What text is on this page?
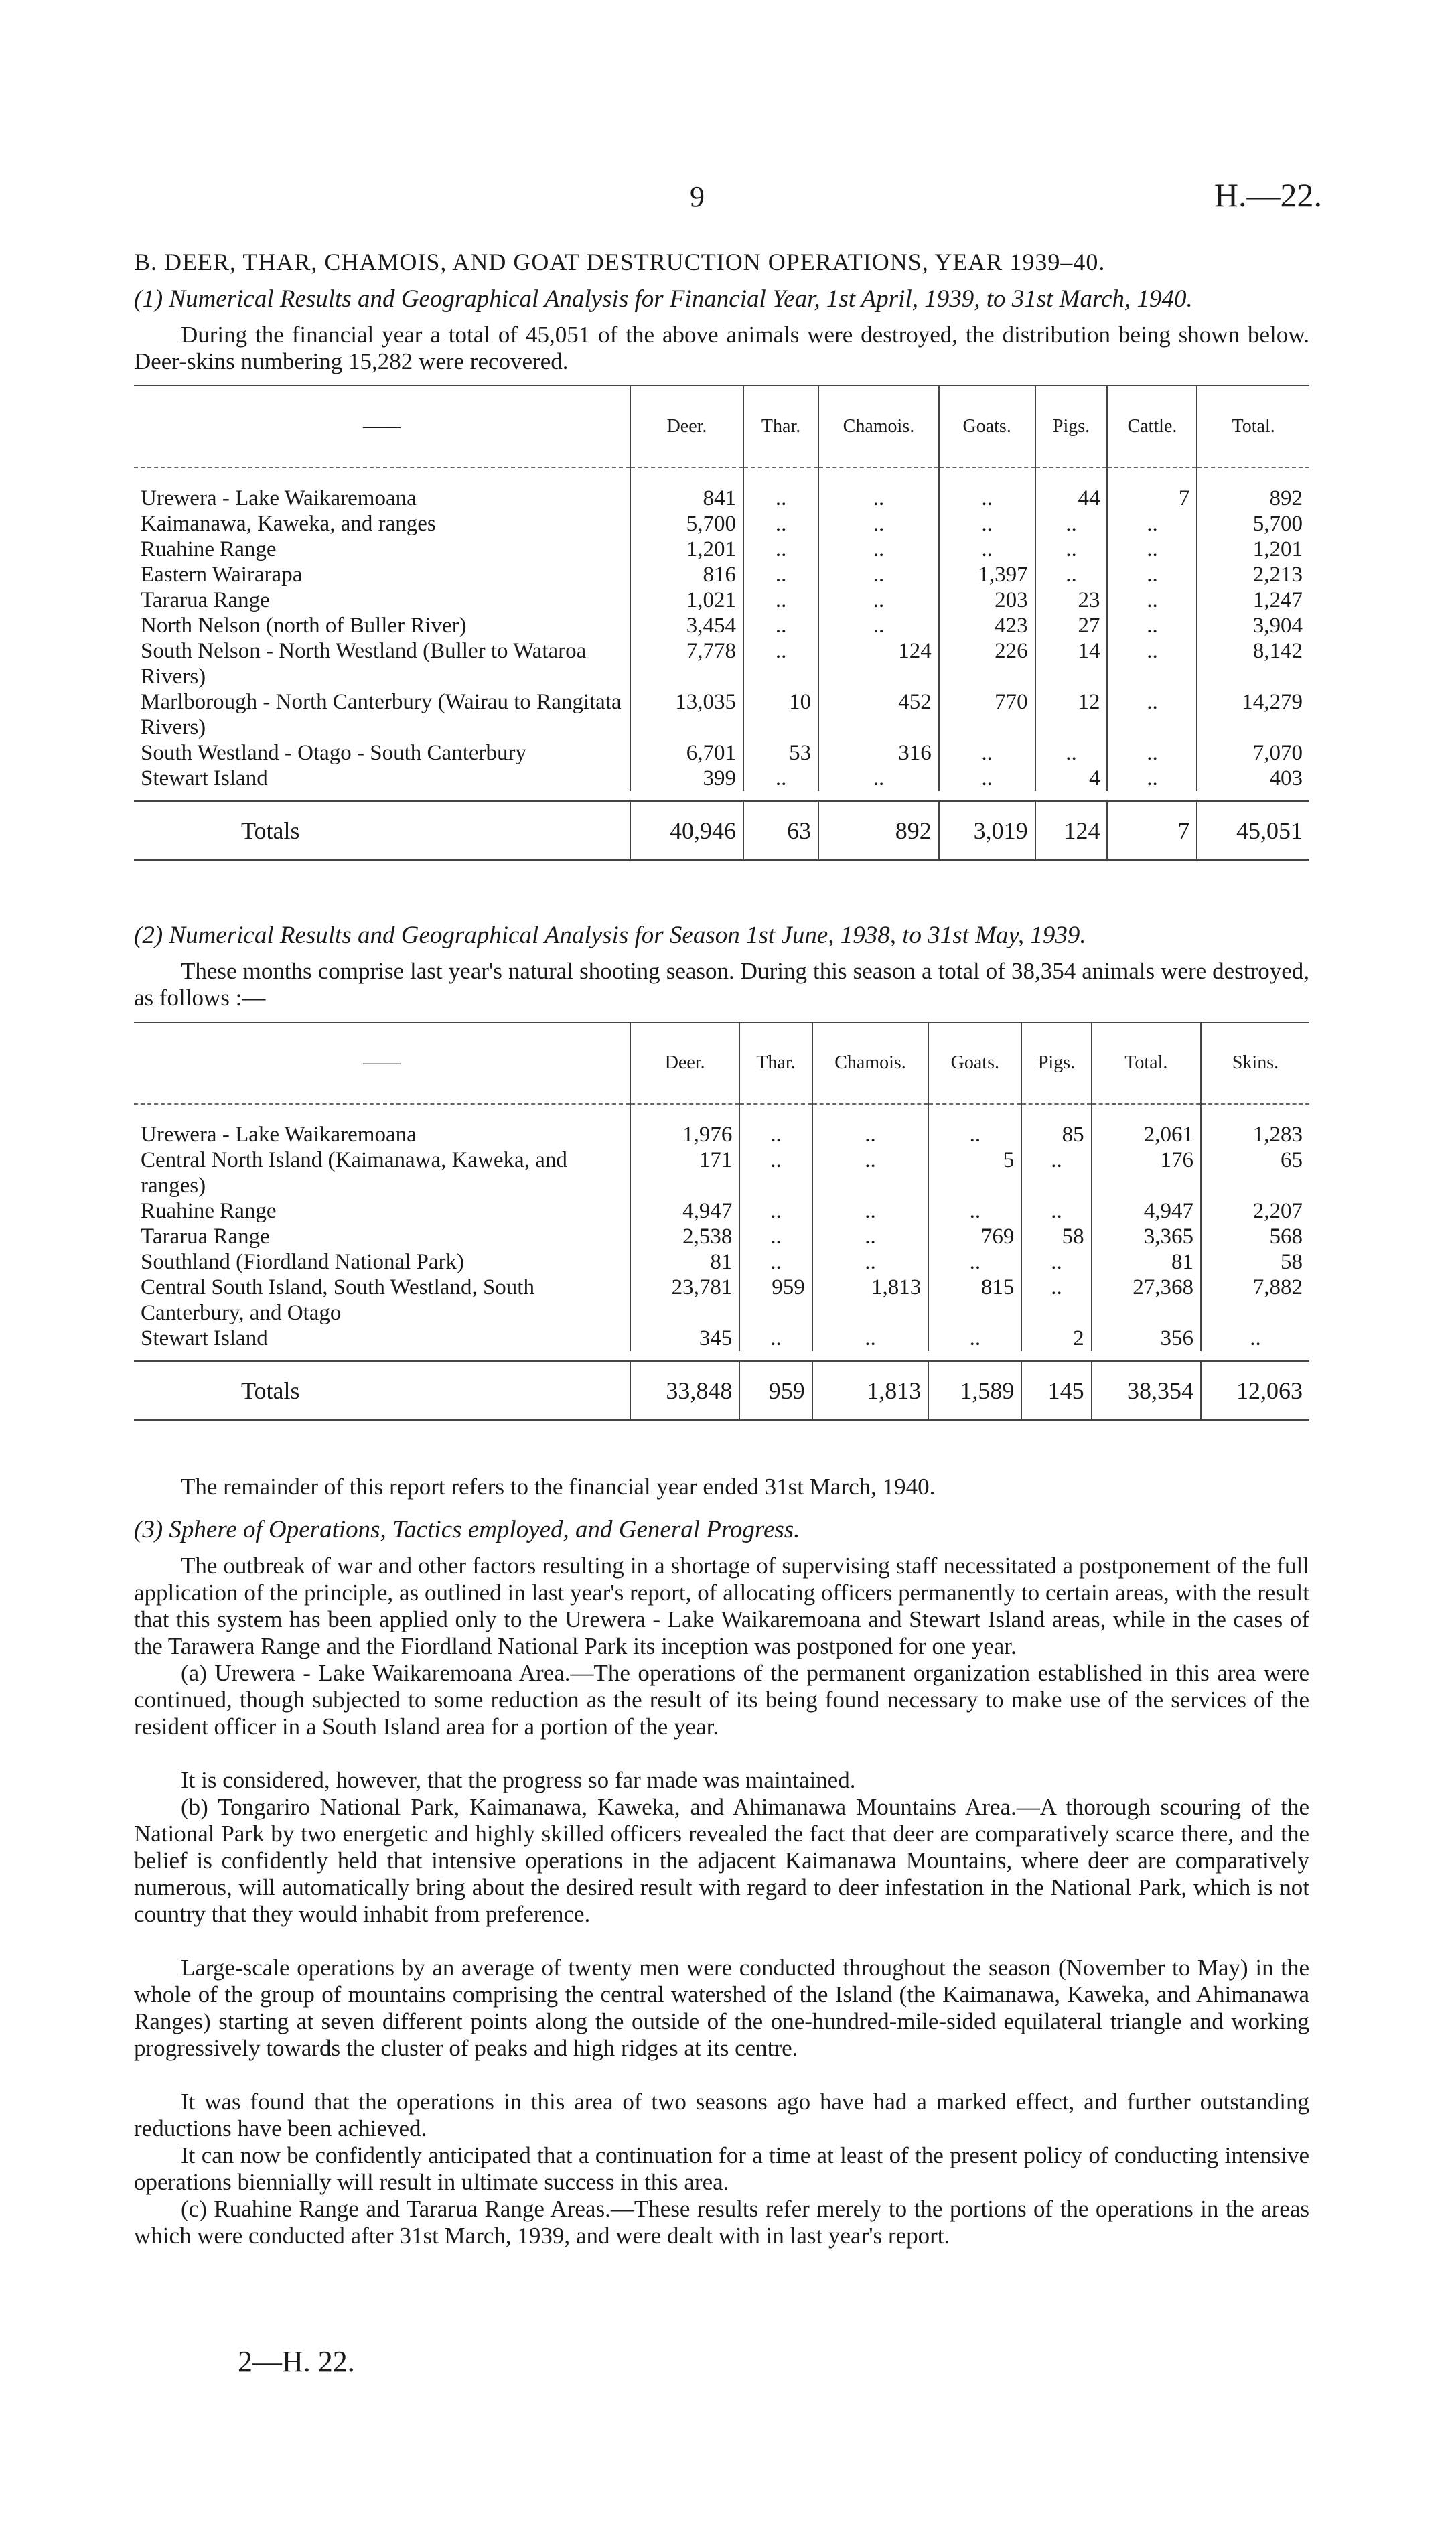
9	H.—22.
B. DEER, THAR, CHAMOIS, AND GOAT DESTRUCTION OPERATIONS, YEAR 1939–40.
(1) Numerical Results and Geographical Analysis for Financial Year, 1st April, 1939, to 31st March, 1940.
During the financial year a total of 45,051 of the above animals were destroyed, the distribution being shown below. Deer-skins numbering 15,282 were recovered.
——	Deer.	Thar.	Chamois.	Goats.	Pigs.	Cattle.	Total.
Urewera - Lake Waikaremoana	841	..	..	..	44	7	892
Kaimanawa, Kaweka, and ranges	5,700	..	..	..	..	..	5,700
Ruahine Range	1,201	..	..	..	..	..	1,201
Eastern Wairarapa	816	..	..	1,397	..	..	2,213
Tararua Range	1,021	..	..	203	23	..	1,247
North Nelson (north of Buller River)	3,454	..	..	423	27	..	3,904
South Nelson - North Westland (Buller to Wataroa Rivers)	7,778	..	124	226	14	..	8,142
Marlborough - North Canterbury (Wairau to Rangitata Rivers)	13,035	10	452	770	12	..	14,279
South Westland - Otago - South Canterbury	6,701	53	316	..	..	..	7,070
Stewart Island	399	..	..	..	4	..	403

Totals	40,946	63	892	3,019	124	7	45,051
(2) Numerical Results and Geographical Analysis for Season 1st June, 1938, to 31st May, 1939.
These months comprise last year's natural shooting season. During this season a total of 38,354 animals were destroyed, as follows :—
——	Deer.	Thar.	Chamois.	Goats.	Pigs.	Total.	Skins.
Urewera - Lake Waikaremoana	1,976	..	..	..	85	2,061	1,283
Central North Island (Kaimanawa, Kaweka, and ranges)	171	..	..	5	..	176	65
Ruahine Range	4,947	..	..	..	..	4,947	2,207
Tararua Range	2,538	..	..	769	58	3,365	568
Southland (Fiordland National Park)	81	..	..	..	..	81	58
Central South Island, South Westland, South Canterbury, and Otago	23,781	959	1,813	815	..	27,368	7,882
Stewart Island	345	..	..	..	2	356	..

Totals	33,848	959	1,813	1,589	145	38,354	12,063
The remainder of this report refers to the financial year ended 31st March, 1940.
(3) Sphere of Operations, Tactics employed, and General Progress.
The outbreak of war and other factors resulting in a shortage of supervising staff necessitated a postponement of the full application of the principle, as outlined in last year's report, of allocating officers permanently to certain areas, with the result that this system has been applied only to the Urewera - Lake Waikaremoana and Stewart Island areas, while in the cases of the Tarawera Range and the Fiordland National Park its inception was postponed for one year.
(a) Urewera - Lake Waikaremoana Area.—The operations of the permanent organization established in this area were continued, though subjected to some reduction as the result of its being found necessary to make use of the services of the resident officer in a South Island area for a portion of the year.
It is considered, however, that the progress so far made was maintained.
(b) Tongariro National Park, Kaimanawa, Kaweka, and Ahimanawa Mountains Area.—A thorough scouring of the National Park by two energetic and highly skilled officers revealed the fact that deer are comparatively scarce there, and the belief is confidently held that intensive operations in the adjacent Kaimanawa Mountains, where deer are comparatively numerous, will automatically bring about the desired result with regard to deer infestation in the National Park, which is not country that they would inhabit from preference.
Large-scale operations by an average of twenty men were conducted throughout the season (November to May) in the whole of the group of mountains comprising the central watershed of the Island (the Kaimanawa, Kaweka, and Ahimanawa Ranges) starting at seven different points along the outside of the one-hundred-mile-sided equilateral triangle and working progressively towards the cluster of peaks and high ridges at its centre.
It was found that the operations in this area of two seasons ago have had a marked effect, and further outstanding reductions have been achieved.
It can now be confidently anticipated that a continuation for a time at least of the present policy of conducting intensive operations biennially will result in ultimate success in this area.
(c) Ruahine Range and Tararua Range Areas.—These results refer merely to the portions of the operations in the areas which were conducted after 31st March, 1939, and were dealt with in last year's report.
2—H. 22.
